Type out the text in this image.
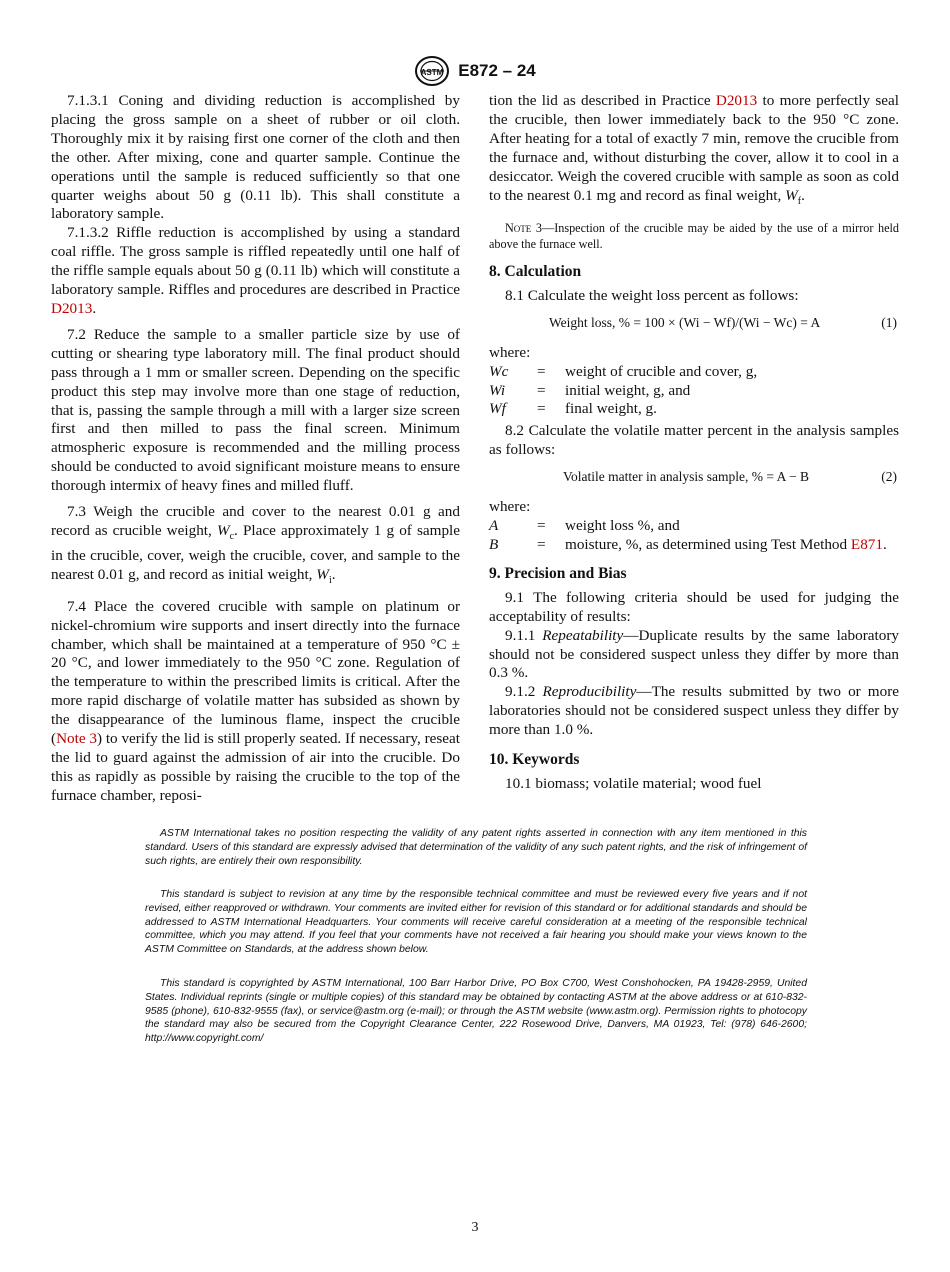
ASTM E872 – 24

7.1.3.1 Coning and dividing reduction is accomplished by placing the gross sample on a sheet of rubber or oil cloth. Thoroughly mix it by raising first one corner of the cloth and then the other. After mixing, cone and quarter sample. Continue the operations until the sample is reduced sufficiently so that one quarter weighs about 50 g (0.11 lb). This shall constitute a laboratory sample.

7.1.3.2 Riffle reduction is accomplished by using a standard coal riffle. The gross sample is riffled repeatedly until one half of the riffle sample equals about 50 g (0.11 lb) which will constitute a laboratory sample. Riffles and procedures are described in Practice D2013.

7.2 Reduce the sample to a smaller particle size by use of cutting or shearing type laboratory mill. The final product should pass through a 1 mm or smaller screen. Depending on the specific product this step may involve more than one stage of reduction, that is, passing the sample through a mill with a larger size screen first and then milled to pass the final screen. Minimum atmospheric exposure is recommended and the milling process should be conducted to avoid significant moisture means to ensure thorough intermix of heavy fines and milled fluff.

7.3 Weigh the crucible and cover to the nearest 0.01 g and record as crucible weight, $W_c$. Place approximately 1 g of sample in the crucible, cover, weigh the crucible, cover, and sample to the nearest 0.01 g, and record as initial weight, $W_i$.

7.4 Place the covered crucible with sample on platinum or nickel-chromium wire supports and insert directly into the furnace chamber, which shall be maintained at a temperature of 950 °C ± 20 °C, and lower immediately to the 950 °C zone. Regulation of the temperature to within the prescribed limits is critical. After the more rapid discharge of volatile matter has subsided as shown by the disappearance of the luminous flame, inspect the crucible (Note 3) to verify the lid is still properly seated. If necessary, reseat the lid to guard against the admission of air into the crucible. Do this as rapidly as possible by raising the crucible to the top of the furnace chamber, reposi-

tion the lid as described in Practice D2013 to more perfectly seal the crucible, then lower immediately back to the 950 °C zone. After heating for a total of exactly 7 min, remove the crucible from the furnace and, without disturbing the cover, allow it to cool in a desiccator. Weigh the covered crucible with sample as soon as cold to the nearest 0.1 mg and record as final weight, $W_f$.

Note 3—Inspection of the crucible may be aided by the use of a mirror held above the furnace well.

8. Calculation

8.1 Calculate the weight loss percent as follows:

Weight loss, % = 100 × (Wi − Wf)/(Wi − Wc) = A	(1)

where:

Wc	=	weight of crucible and cover, g,
Wi	=	initial weight, g, and
Wf	=	final weight, g.

8.2 Calculate the volatile matter percent in the analysis samples as follows:

Volatile matter in analysis sample, % = A − B	(2)

where:

A	=	weight loss %, and
B	=	moisture, %, as determined using Test Method E871.
9. Precision and Bias

9.1 The following criteria should be used for judging the acceptability of results:

9.1.1 Repeatability—Duplicate results by the same laboratory should not be considered suspect unless they differ by more than 0.3 %.

9.1.2 Reproducibility—The results submitted by two or more laboratories should not be considered suspect unless they differ by more than 1.0 %.

10. Keywords

10.1 biomass; volatile material; wood fuel

ASTM International takes no position respecting the validity of any patent rights asserted in connection with any item mentioned in this standard. Users of this standard are expressly advised that determination of the validity of any such patent rights, and the risk of infringement of such rights, are entirely their own responsibility.

This standard is subject to revision at any time by the responsible technical committee and must be reviewed every five years and if not revised, either reapproved or withdrawn. Your comments are invited either for revision of this standard or for additional standards and should be addressed to ASTM International Headquarters. Your comments will receive careful consideration at a meeting of the responsible technical committee, which you may attend. If you feel that your comments have not received a fair hearing you should make your views known to the ASTM Committee on Standards, at the address shown below.

This standard is copyrighted by ASTM International, 100 Barr Harbor Drive, PO Box C700, West Conshohocken, PA 19428-2959, United States. Individual reprints (single or multiple copies) of this standard may be obtained by contacting ASTM at the above address or at 610-832-9585 (phone), 610-832-9555 (fax), or service@astm.org (e-mail); or through the ASTM website (www.astm.org). Permission rights to photocopy the standard may also be secured from the Copyright Clearance Center, 222 Rosewood Drive, Danvers, MA 01923, Tel: (978) 646-2600; http://www.copyright.com/

3
